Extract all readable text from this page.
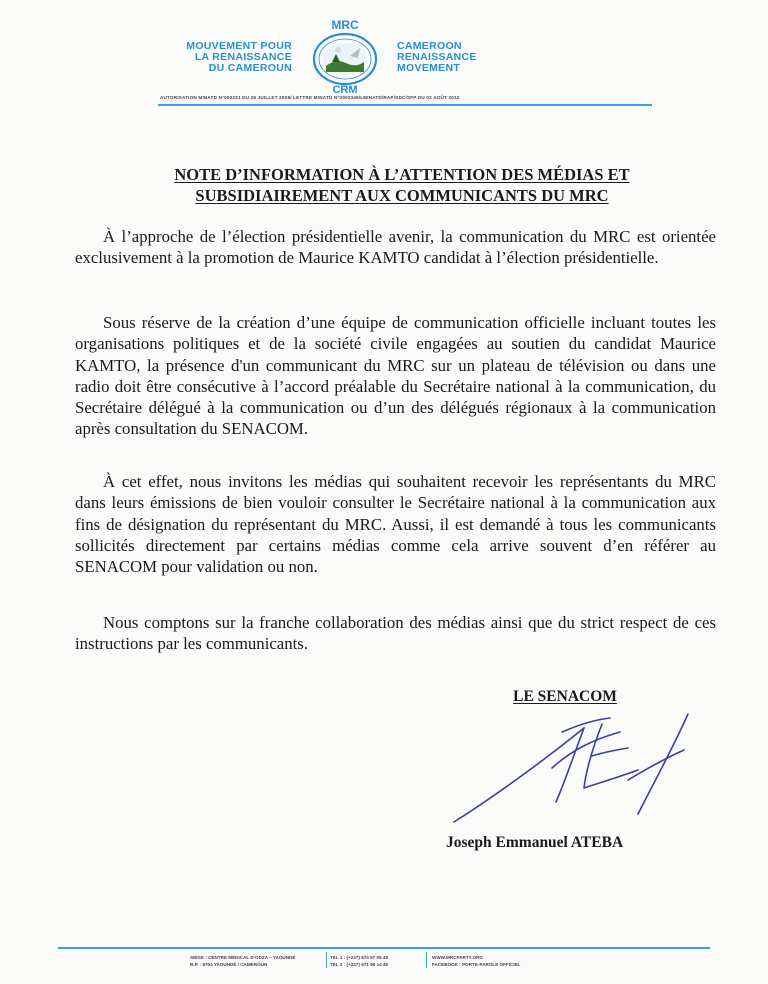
MOUVEMENT POUR
LA RENAISSANCE
DU CAMEROUN
MRC
CRM
CAMEROON
RENAISSANCE
MOVEMENT
AUTORISATION MINATD N°000231 DU 25 JUILLET 2008/ LETTRE MINATD N°0002349/LMINATD/RAP/SDC/SFP DU 02 AOÛT 2012
NOTE D’INFORMATION À L’ATTENTION DES MÉDIAS ET
SUBSIDIAIREMENT AUX COMMUNICANTS DU MRC
À l’approche de l’élection présidentielle avenir, la communication du MRC est orientée exclusivement à la promotion de Maurice KAMTO candidat à l’élection présidentielle.
Sous réserve de la création d’une équipe de communication officielle incluant toutes les organisations politiques et de la société civile engagées au soutien du candidat Maurice KAMTO, la présence d'un communicant du MRC sur un plateau de télévision ou dans une radio doit être consécutive à l’accord préalable du Secrétaire national à la communication, du Secrétaire délégué à la communication ou d’un des délégués régionaux à la communication après consultation du SENACOM.
À cet effet, nous invitons les médias qui souhaitent recevoir les représentants du MRC dans leurs émissions de bien vouloir consulter le Secrétaire national à la communication aux fins de désignation du représentant du MRC. Aussi, il est demandé à tous les communicants sollicités directement par certains médias comme cela arrive souvent d’en référer au SENACOM pour validation ou non.
Nous comptons sur la franche collaboration des médias ainsi que du strict respect de ces instructions par les communicants.
LE SENACOM
Joseph Emmanuel ATEBA
SIÈGE : CENTRE MÉDICAL D’ODZA – YAOUNDÉ
B.P. : 8704 YAOUNDÉ / CAMEROUN
TEL 1 : (+237) 674 57 05 49
TEL 2 : (+237) 671 98 14 46
WWW.MRCPARTY.ORG
FACEBOOK : PORTE-PAROLE OFFICIEL
